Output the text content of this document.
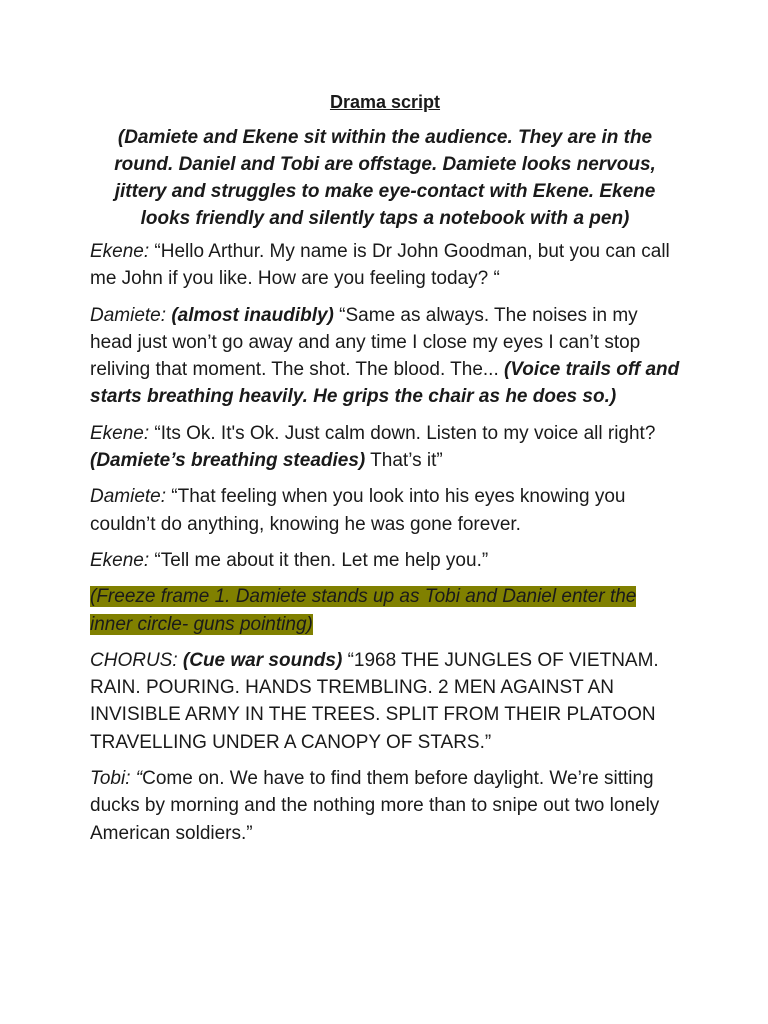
Drama script
(Damiete and Ekene sit within the audience. They are in the round. Daniel and Tobi are offstage. Damiete looks nervous, jittery and struggles to make eye-contact with Ekene. Ekene looks friendly and silently taps a notebook with a pen)
Ekene: “Hello Arthur. My name is Dr John Goodman, but you can call me John if you like. How are you feeling today? “
Damiete: (almost inaudibly) “Same as always. The noises in my head just won’t go away and any time I close my eyes I can’t stop reliving that moment. The shot. The blood. The... (Voice trails off and starts breathing heavily. He grips the chair as he does so.)
Ekene: “Its Ok. It's Ok. Just calm down. Listen to my voice all right? (Damiete’s breathing steadies) That’s it”
Damiete: “That feeling when you look into his eyes knowing you couldn’t do anything, knowing he was gone forever.
Ekene: “Tell me about it then. Let me help you.”
(Freeze frame 1. Damiete stands up as Tobi and Daniel enter the inner circle- guns pointing)
CHORUS: (Cue war sounds) “1968 THE JUNGLES OF VIETNAM. RAIN. POURING. HANDS TREMBLING. 2 MEN AGAINST AN INVISIBLE ARMY IN THE TREES. SPLIT FROM THEIR PLATOON TRAVELLING UNDER A CANOPY OF STARS.”
Tobi: “Come on. We have to find them before daylight. We’re sitting ducks by morning and the nothing more than to snipe out two lonely American soldiers.”
